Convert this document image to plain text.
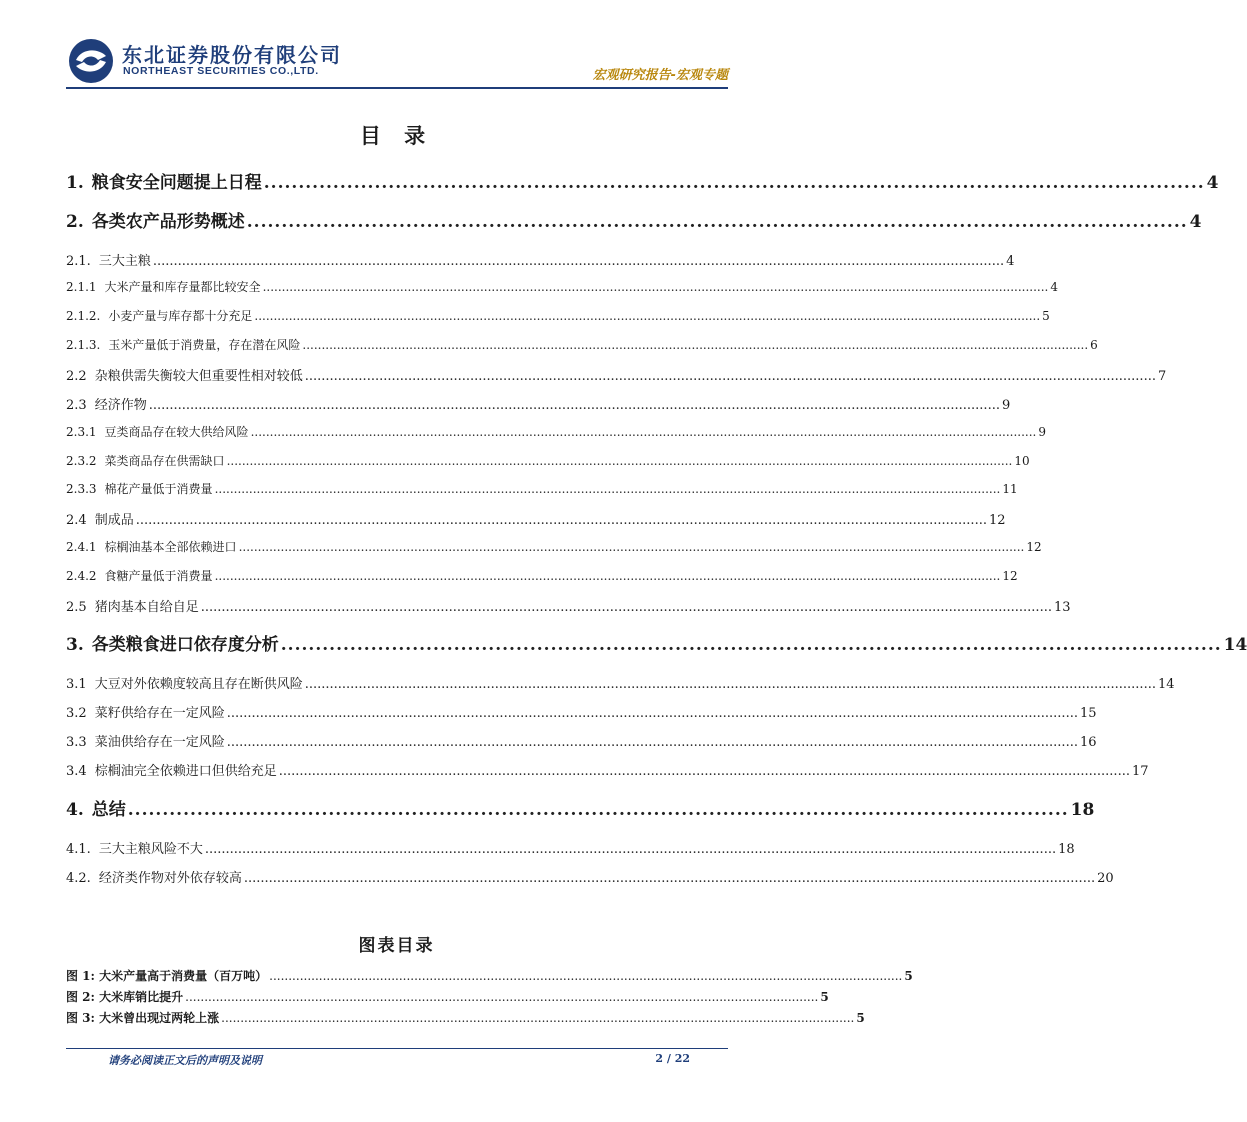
东北证券股份有限公司
NORTHEAST SECURITIES CO.,LTD.	宏观研究报告-宏观专题
目 录
1. 粮食安全问题提上日程 ........................................................................................................................................ 4
2. 各类农产品形势概述 ........................................................................................................................................ 4
2.1. 三大主粮 .............................................................................................................................................................................................................. 4
2.1.1 大米产量和库存量都比较安全 .............................................................................................................................................................................................................. 4
2.1.2. 小麦产量与库存都十分充足 .............................................................................................................................................................................................................. 5
2.1.3. 玉米产量低于消费量，存在潜在风险 .............................................................................................................................................................................................................. 6
2.2 杂粮供需失衡较大但重要性相对较低 .............................................................................................................................................................................................................. 7
2.3 经济作物 .............................................................................................................................................................................................................. 9
2.3.1 豆类商品存在较大供给风险 .............................................................................................................................................................................................................. 9
2.3.2 菜类商品存在供需缺口 .............................................................................................................................................................................................................. 10
2.3.3 棉花产量低于消费量 .............................................................................................................................................................................................................. 11
2.4 制成品 .............................................................................................................................................................................................................. 12
2.4.1 棕榈油基本全部依赖进口 .............................................................................................................................................................................................................. 12
2.4.2 食糖产量低于消费量 .............................................................................................................................................................................................................. 12
2.5 猪肉基本自给自足 .............................................................................................................................................................................................................. 13
3. 各类粮食进口依存度分析 ........................................................................................................................................ 14
3.1 大豆对外依赖度较高且存在断供风险 .............................................................................................................................................................................................................. 14
3.2 菜籽供给存在一定风险 .............................................................................................................................................................................................................. 15
3.3 菜油供给存在一定风险 .............................................................................................................................................................................................................. 16
3.4 棕榈油完全依赖进口但供给充足 .............................................................................................................................................................................................................. 17
4. 总结 ........................................................................................................................................ 18
4.1. 三大主粮风险不大 .............................................................................................................................................................................................................. 18
4.2. 经济类作物对外依存较高 .............................................................................................................................................................................................................. 20
图表目录
图 1: 大米产量高于消费量（百万吨） ...................................................................................................................................................................... 5
图 2: 大米库销比提升 ...................................................................................................................................................................... 5
图 3: 大米曾出现过两轮上涨 ...................................................................................................................................................................... 5
请务必阅读正文后的声明及说明	2 / 22
